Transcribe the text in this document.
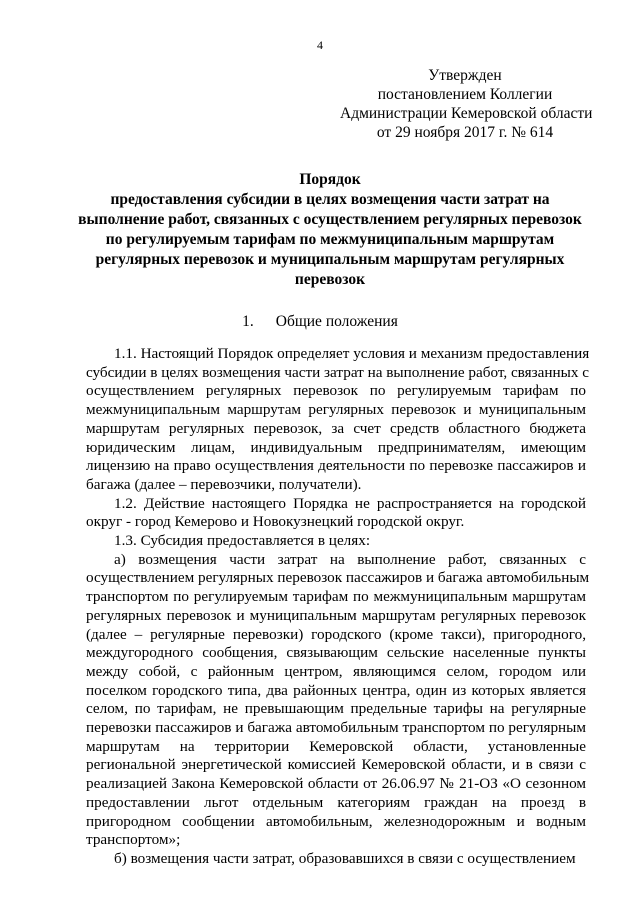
4
Утвержден
постановлением Коллегии
Администрации Кемеровской области
от 29 ноября 2017 г. № 614
Порядок
предоставления субсидии в целях возмещения части затрат на
выполнение работ, связанных с осуществлением регулярных перевозок
по регулируемым тарифам по межмуниципальным маршрутам
регулярных перевозок и муниципальным маршрутам регулярных
перевозок
1. Общие положения
1.1. Настоящий Порядок определяет условия и механизм предоставления
субсидии в целях возмещения части затрат на выполнение работ, связанных с
осуществлением регулярных перевозок по регулируемым тарифам по
межмуниципальным маршрутам регулярных перевозок и муниципальным
маршрутам регулярных перевозок, за счет средств областного бюджета
юридическим лицам, индивидуальным предпринимателям, имеющим
лицензию на право осуществления деятельности по перевозке пассажиров и
багажа (далее – перевозчики, получатели).
1.2. Действие настоящего Порядка не распространяется на городской
округ - город Кемерово и Новокузнецкий городской округ.
1.3. Субсидия предоставляется в целях:
а) возмещения части затрат на выполнение работ, связанных с
осуществлением регулярных перевозок пассажиров и багажа автомобильным
транспортом по регулируемым тарифам по межмуниципальным маршрутам
регулярных перевозок и муниципальным маршрутам регулярных перевозок
(далее – регулярные перевозки) городского (кроме такси), пригородного,
междугородного сообщения, связывающим сельские населенные пункты
между собой, с районным центром, являющимся селом, городом или
поселком городского типа, два районных центра, один из которых является
селом, по тарифам, не превышающим предельные тарифы на регулярные
перевозки пассажиров и багажа автомобильным транспортом по регулярным
маршрутам на территории Кемеровской области, установленные
региональной энергетической комиссией Кемеровской области, и в связи с
реализацией Закона Кемеровской области от 26.06.97 № 21-ОЗ «О сезонном
предоставлении льгот отдельным категориям граждан на проезд в
пригородном сообщении автомобильным, железнодорожным и водным
транспортом»;
б) возмещения части затрат, образовавшихся в связи с осуществлением
